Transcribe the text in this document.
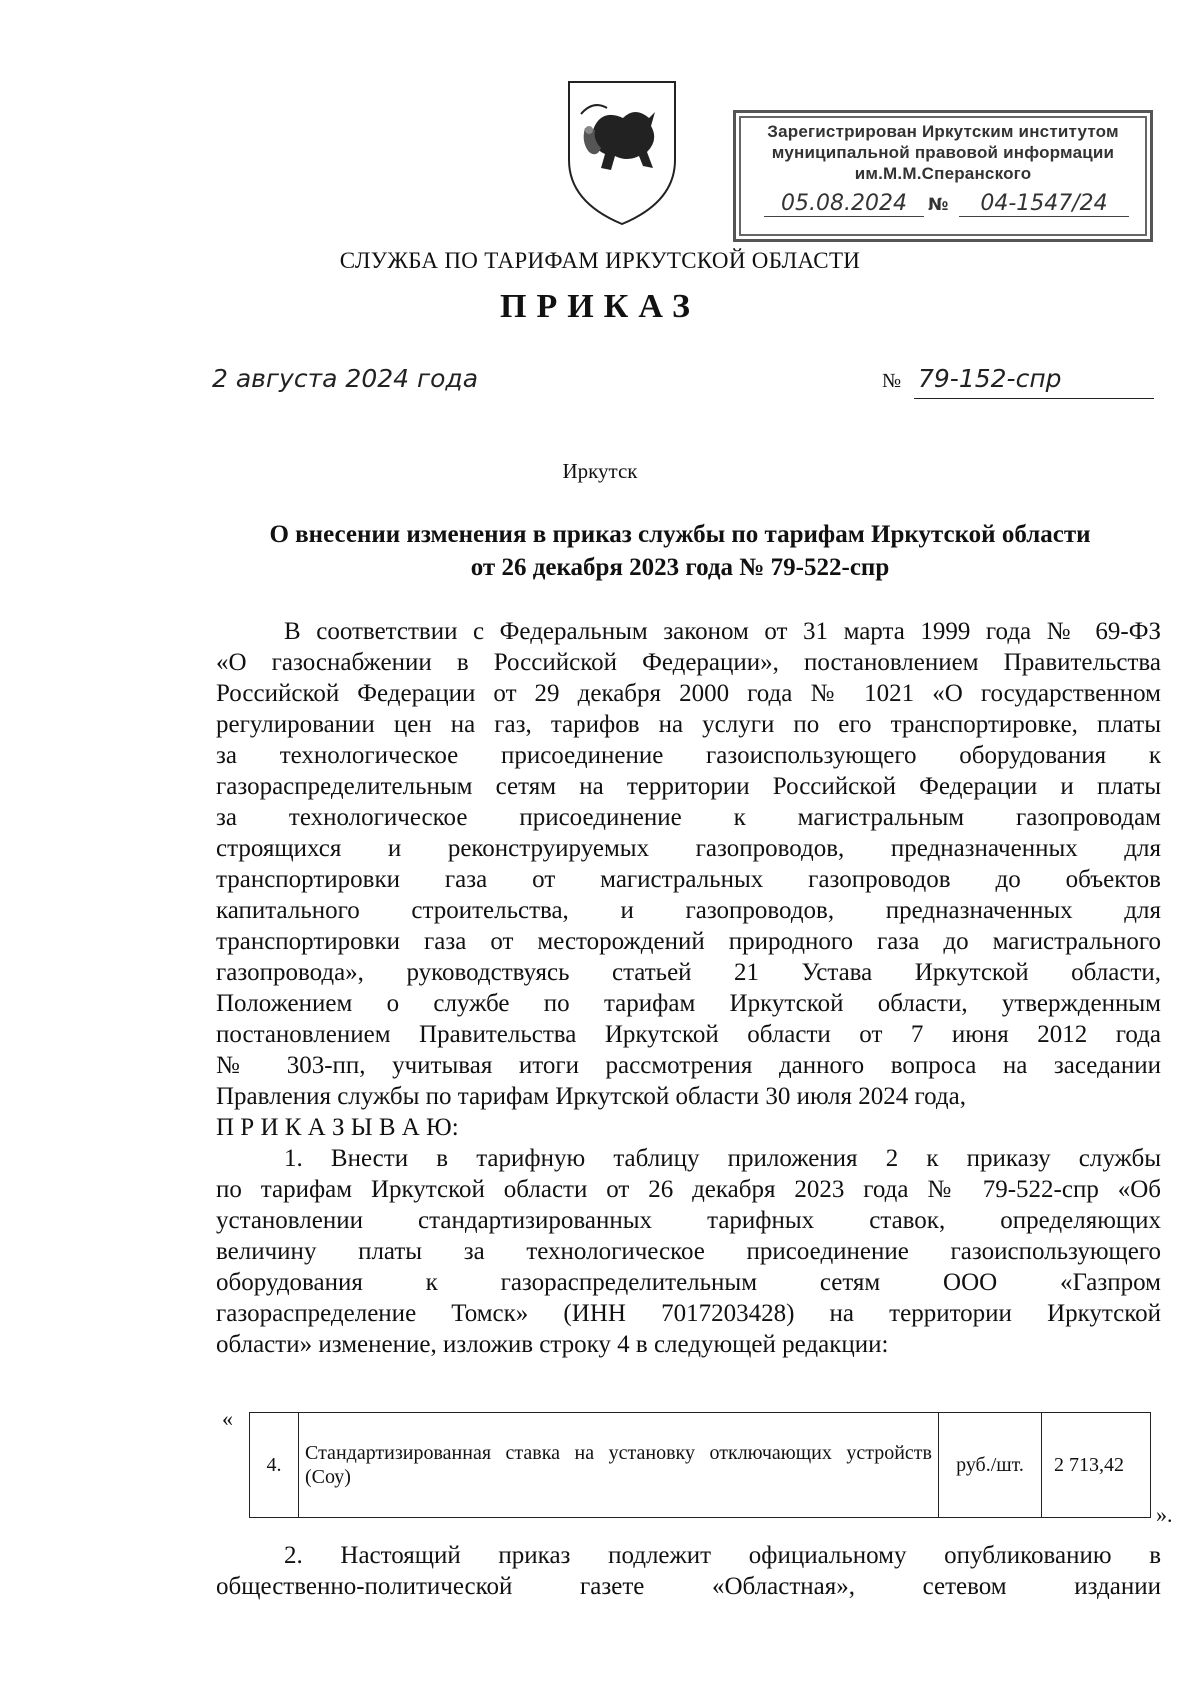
Зарегистрирован Иркутским институтом
муниципальной правовой информации
им.М.М.Сперанского
05.08.2024	№	04-1547/24
СЛУЖБА ПО ТАРИФАМ ИРКУТСКОЙ ОБЛАСТИ
ПРИКАЗ
2 августа 2024 года	№ 79-152-спр
Иркутск
О внесении изменения в приказ службы по тарифам Иркутской области
от 26 декабря 2023 года № 79-522-спр
В соответствии с Федеральным законом от 31 марта 1999 года № 69-ФЗ
«О газоснабжении в Российской Федерации», постановлением Правительства
Российской Федерации от 29 декабря 2000 года № 1021 «О государственном
регулировании цен на газ, тарифов на услуги по его транспортировке, платы
за технологическое присоединение газоиспользующего оборудования к
газораспределительным сетям на территории Российской Федерации и платы
за технологическое присоединение к магистральным газопроводам
строящихся и реконструируемых газопроводов, предназначенных для
транспортировки газа от магистральных газопроводов до объектов
капитального строительства, и газопроводов, предназначенных для
транспортировки газа от месторождений природного газа до магистрального
газопровода», руководствуясь статьей 21 Устава Иркутской области,
Положением о службе по тарифам Иркутской области, утвержденным
постановлением Правительства Иркутской области от 7 июня 2012 года
№ 303-пп, учитывая итоги рассмотрения данного вопроса на заседании
Правления службы по тарифам Иркутской области 30 июля 2024 года,
П Р И К А З Ы В А Ю:
1. Внести в тарифную таблицу приложения 2 к приказу службы
по тарифам Иркутской области от 26 декабря 2023 года № 79-522-спр «Об
установлении стандартизированных тарифных ставок, определяющих
величину платы за технологическое присоединение газоиспользующего
оборудования к газораспределительным сетям ООО «Газпром
газораспределение Томск» (ИНН 7017203428) на территории Иркутской
области» изменение, изложив строку 4 в следующей редакции:
«
4.	Стандартизированная ставка на установку отключающих устройств (Соу)	руб./шт.	2 713,42
».
2. Настоящий приказ подлежит официальному опубликованию в
общественно-политической газете «Областная», сетевом издании
